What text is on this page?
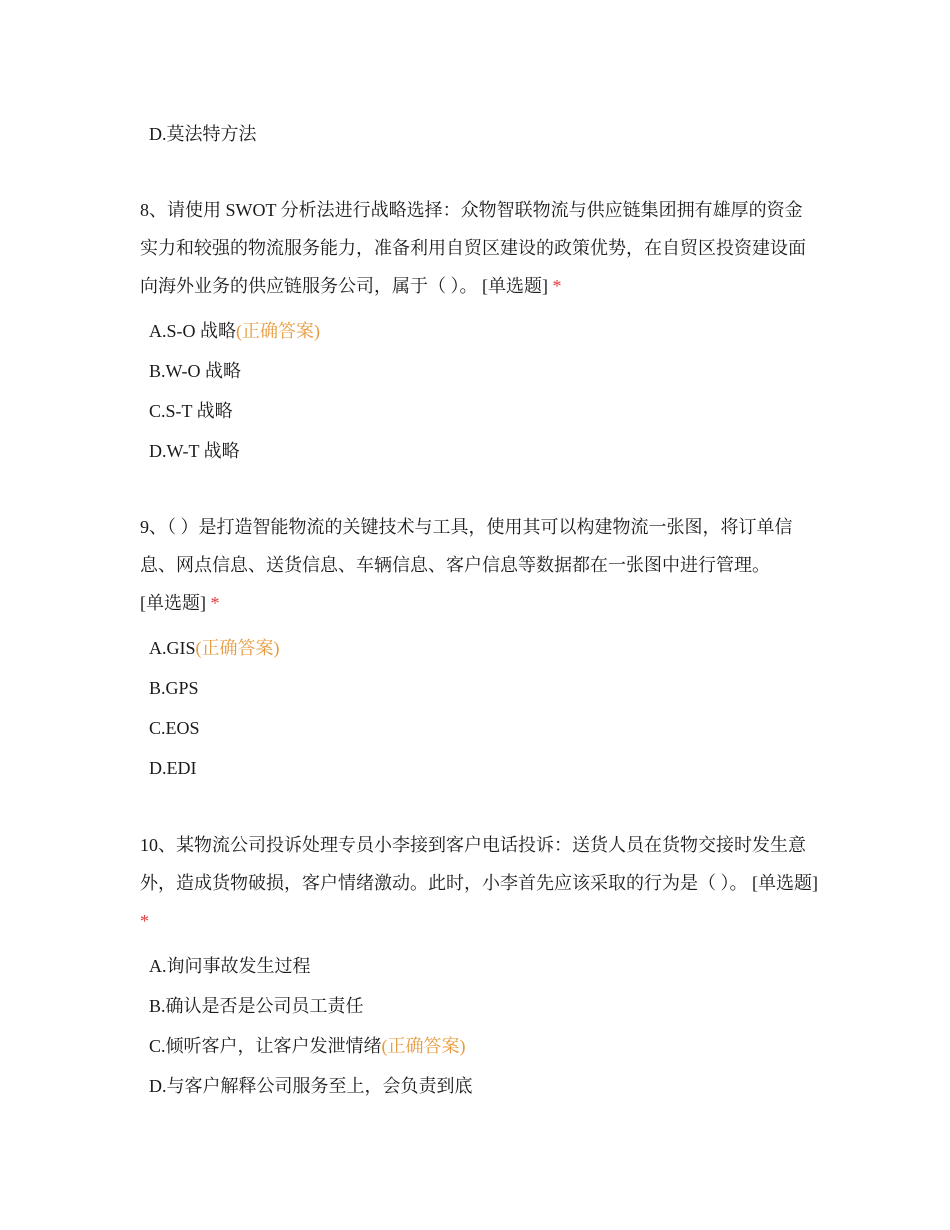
D.莫法特方法

8、请使用 SWOT 分析法进行战略选择：众物智联物流与供应链集团拥有雄厚的资金实力和较强的物流服务能力，准备利用自贸区建设的政策优势，在自贸区投资建设面向海外业务的供应链服务公司，属于（ ）。 [单选题] *

A.S-O 战略(正确答案)
B.W-O 战略
C.S-T 战略
D.W-T 战略

9、（ ）是打造智能物流的关键技术与工具，使用其可以构建物流一张图，将订单信息、网点信息、送货信息、车辆信息、客户信息等数据都在一张图中进行管理。 [单选题] *

A.GIS(正确答案)
B.GPS
C.EOS
D.EDI

10、某物流公司投诉处理专员小李接到客户电话投诉：送货人员在货物交接时发生意外，造成货物破损，客户情绪激动。此时，小李首先应该采取的行为是（ ）。 [单选题] *

A.询问事故发生过程
B.确认是否是公司员工责任
C.倾听客户，让客户发泄情绪(正确答案)
D.与客户解释公司服务至上，会负责到底
